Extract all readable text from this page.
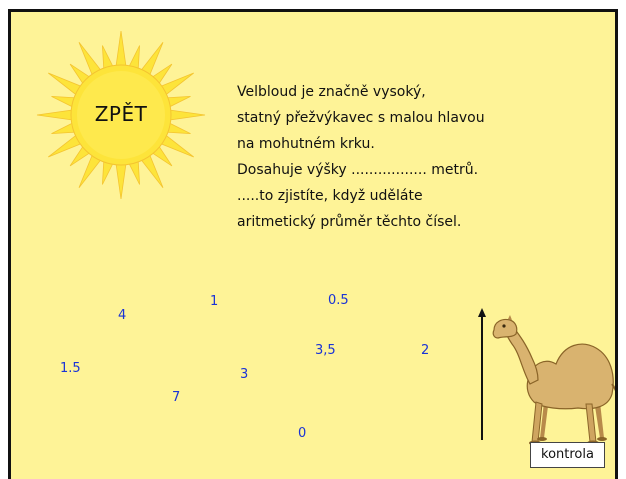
ZPĚT
Velbloud je značně vysoký,
statný přežvýkavec s malou hlavou
na mohutném krku.
Dosahuje výšky ................. metrů.
.....to zjistíte, když uděláte
aritmetický průměr těchto čísel.
4
1	0.5
3,5	2
1.5	3
7
0
kontrola
